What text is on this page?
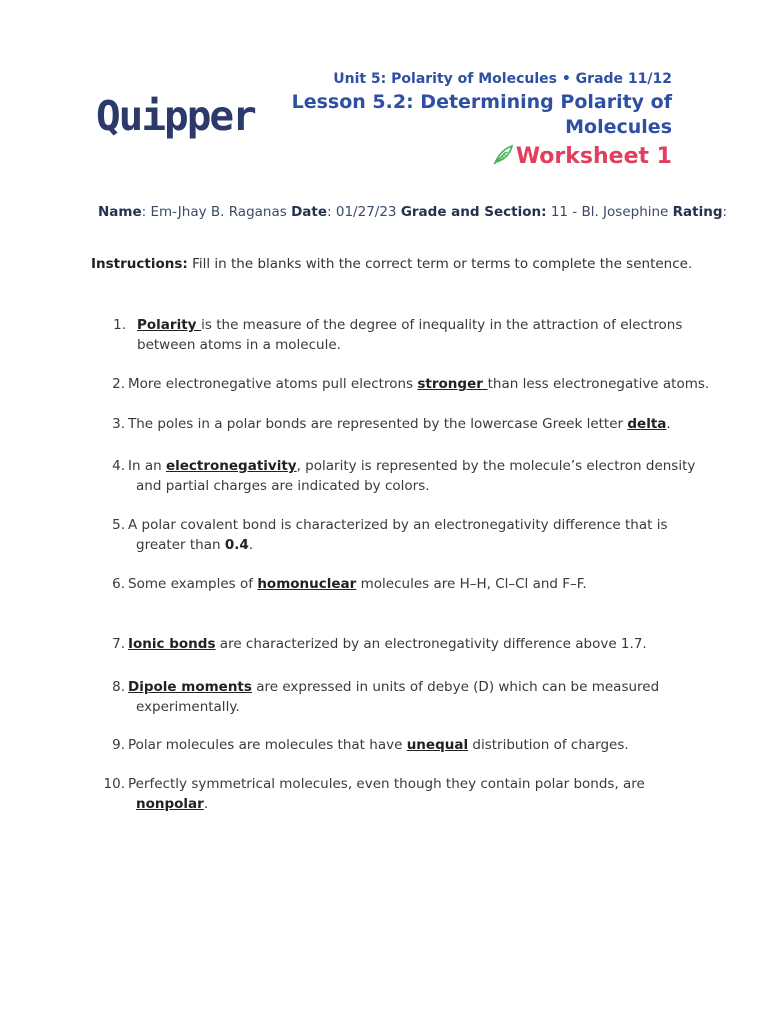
Quipper
Unit 5: Polarity of Molecules • Grade 11/12
Lesson 5.2: Determining Polarity of
Molecules
Worksheet 1
Name: Em-Jhay B. Raganas Date: 01/27/23 Grade and Section: 11 - Bl. Josephine Rating:
Instructions: Fill in the blanks with the correct term or terms to complete the sentence.
1. Polarity is the measure of the degree of inequality in the attraction of electrons
between atoms in a molecule.
2. More electronegative atoms pull electrons stronger than less electronegative atoms.
3. The poles in a polar bonds are represented by the lowercase Greek letter delta.
4. In an electronegativity, polarity is represented by the molecule’s electron density
and partial charges are indicated by colors.
5. A polar covalent bond is characterized by an electronegativity difference that is
greater than 0.4.
6. Some examples of homonuclear molecules are H–H, Cl–Cl and F–F.
7. Ionic bonds are characterized by an electronegativity difference above 1.7.
8. Dipole moments are expressed in units of debye (D) which can be measured
experimentally.
9. Polar molecules are molecules that have unequal distribution of charges.
10. Perfectly symmetrical molecules, even though they contain polar bonds, are
nonpolar.
